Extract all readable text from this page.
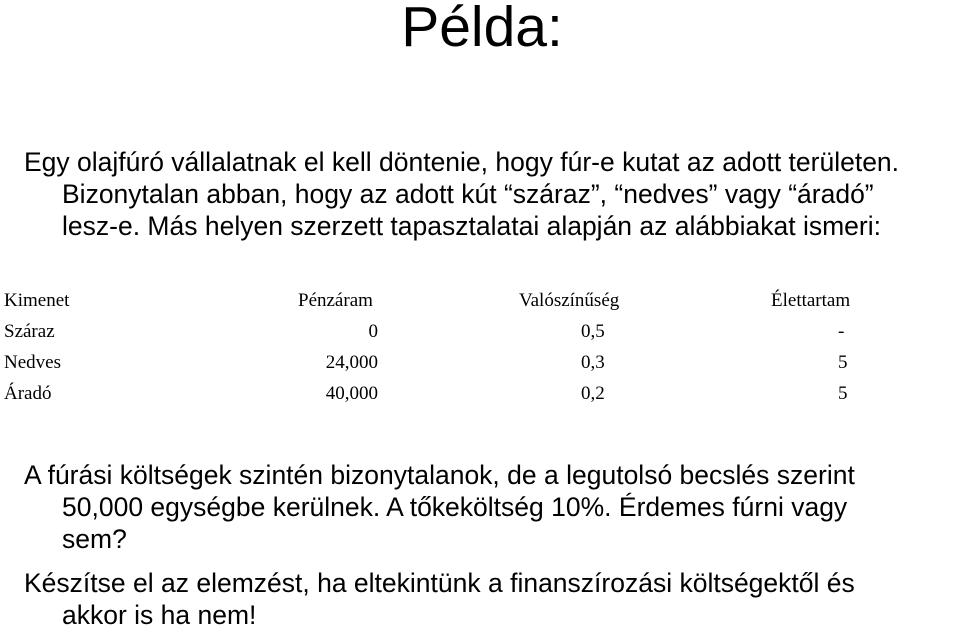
Példa:

Egy olajfúró vállalatnak el kell döntenie, hogy fúr-e kutat az adott területen.
Bizonytalan abban, hogy az adott kút “száraz”, “nedves” vagy “áradó”
lesz-e. Más helyen szerzett tapasztalatai alapján az alábbiakat ismeri:

Kimenet	Pénzáram	Valószínűség	Élettartam
Száraz	0	0,5	-
Nedves	24,000	0,3	5
Áradó	40,000	0,2	5

A fúrási költségek szintén bizonytalanok, de a legutolsó becslés szerint
50,000 egységbe kerülnek. A tőkeköltség 10%. Érdemes fúrni vagy
sem?

Készítse el az elemzést, ha eltekintünk a finanszírozási költségektől és
akkor is ha nem!
